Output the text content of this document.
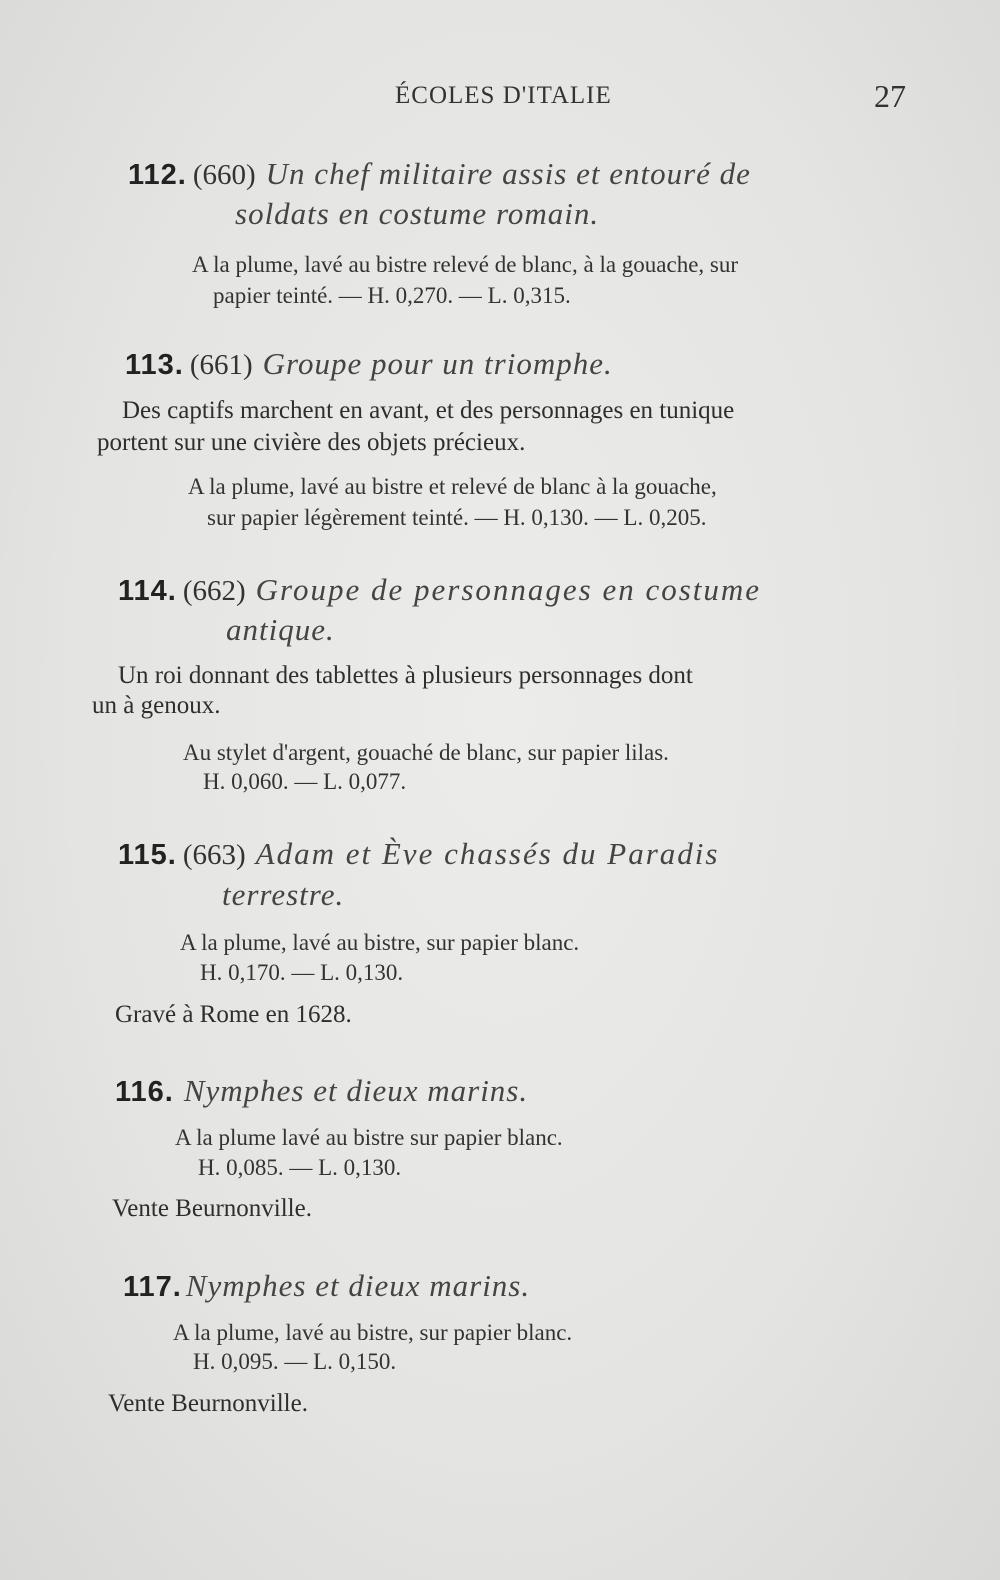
ÉCOLES D'ITALIE	27
112. (660) Un chef militaire assis et entouré de
soldats en costume romain.
A la plume, lavé au bistre relevé de blanc, à la gouache, sur
papier teinté. — H. 0,270. — L. 0,315.
113. (661) Groupe pour un triomphe.
Des captifs marchent en avant, et des personnages en tunique
portent sur une civière des objets précieux.
A la plume, lavé au bistre et relevé de blanc à la gouache,
sur papier légèrement teinté. — H. 0,130. — L. 0,205.
114. (662) Groupe de personnages en costume
antique.
Un roi donnant des tablettes à plusieurs personnages dont
un à genoux.
Au stylet d'argent, gouaché de blanc, sur papier lilas.
H. 0,060. — L. 0,077.
115. (663) Adam et Ève chassés du Paradis
terrestre.
A la plume, lavé au bistre, sur papier blanc.
H. 0,170. — L. 0,130.
Gravé à Rome en 1628.
116. Nymphes et dieux marins.
A la plume lavé au bistre sur papier blanc.
H. 0,085. — L. 0,130.
Vente Beurnonville.
117. Nymphes et dieux marins.
A la plume, lavé au bistre, sur papier blanc.
H. 0,095. — L. 0,150.
Vente Beurnonville.
